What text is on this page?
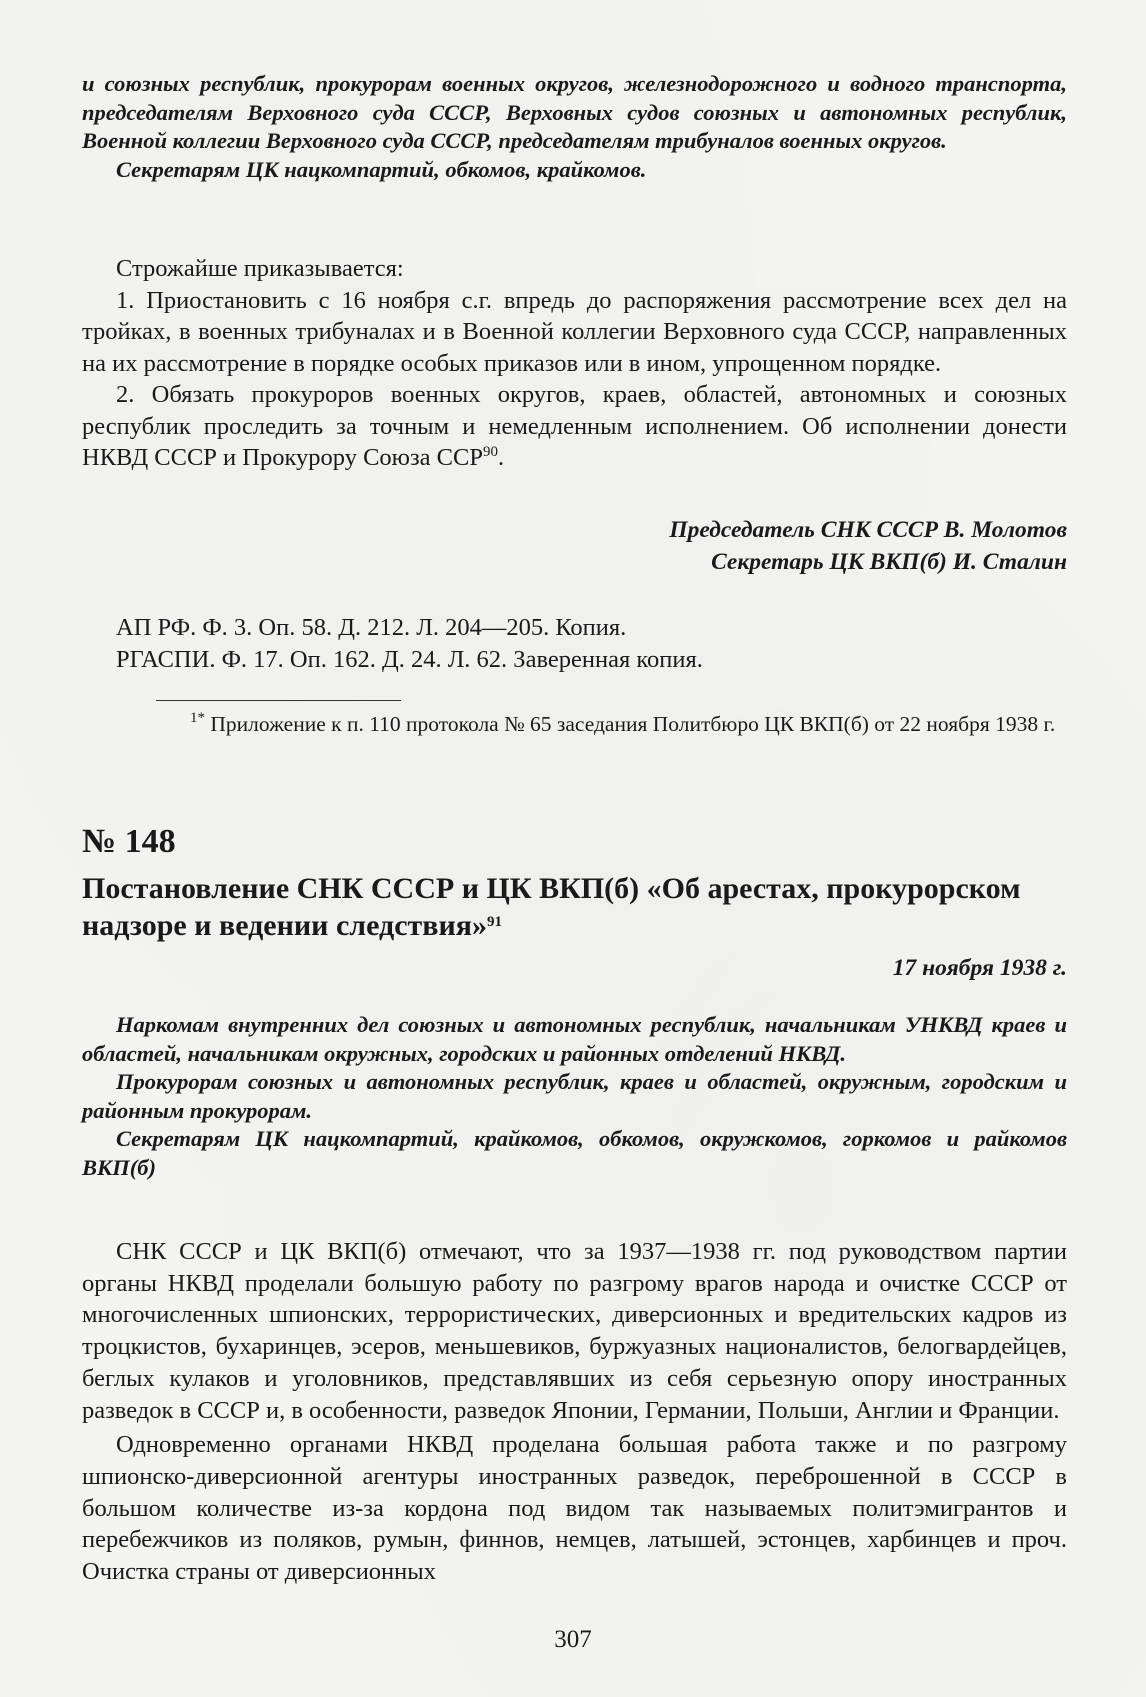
и союзных республик, прокурорам военных округов, железнодорожного и водного транспорта, председателям Верховного суда СССР, Верховных судов союзных и автономных республик, Военной коллегии Верховного суда СССР, председателям трибуналов военных округов.

Секретарям ЦК нацкомпартий, обкомов, крайкомов.

Строжайше приказывается:

1. Приостановить с 16 ноября с.г. впредь до распоряжения рассмотрение всех дел на тройках, в военных трибуналах и в Военной коллегии Верховного суда СССР, направленных на их рассмотрение в порядке особых приказов или в ином, упрощенном порядке.

2. Обязать прокуроров военных округов, краев, областей, автономных и союзных республик проследить за точным и немедленным исполнением. Об исполнении донести НКВД СССР и Прокурору Союза ССР$^{90}$.

Председатель СНК СССР В. Молотов

Секретарь ЦК ВКП(б) И. Сталин

АП РФ. Ф. 3. Оп. 58. Д. 212. Л. 204—205. Копия.

РГАСПИ. Ф. 17. Оп. 162. Д. 24. Л. 62. Заверенная копия.

$^{1*}$ Приложение к п. 110 протокола № 65 заседания Политбюро ЦК ВКП(б) от 22 ноября 1938 г.

№ 148

Постановление СНК СССР и ЦК ВКП(б) «Об арестах, прокурорском надзоре и ведении следствия»$^{91}$

17 ноября 1938 г.

Наркомам внутренних дел союзных и автономных республик, начальникам УНКВД краев и областей, начальникам окружных, городских и районных отделений НКВД.

Прокурорам союзных и автономных республик, краев и областей, окружным, городским и районным прокурорам.

Секретарям ЦК нацкомпартий, крайкомов, обкомов, окружкомов, горкомов и райкомов ВКП(б)

СНК СССР и ЦК ВКП(б) отмечают, что за 1937—1938 гг. под руководством партии органы НКВД проделали большую работу по разгрому врагов народа и очистке СССР от многочисленных шпионских, террористических, диверсионных и вредительских кадров из троцкистов, бухаринцев, эсеров, меньшевиков, буржуазных националистов, белогвардейцев, беглых кулаков и уголовников, представлявших из себя серьезную опору иностранных разведок в СССР и, в особенности, разведок Японии, Германии, Польши, Англии и Франции.

Одновременно органами НКВД проделана большая работа также и по разгрому шпионско-диверсионной агентуры иностранных разведок, переброшенной в СССР в большом количестве из-за кордона под видом так называемых политэмигрантов и перебежчиков из поляков, румын, финнов, немцев, латышей, эстонцев, харбинцев и проч. Очистка страны от диверсионных

307
